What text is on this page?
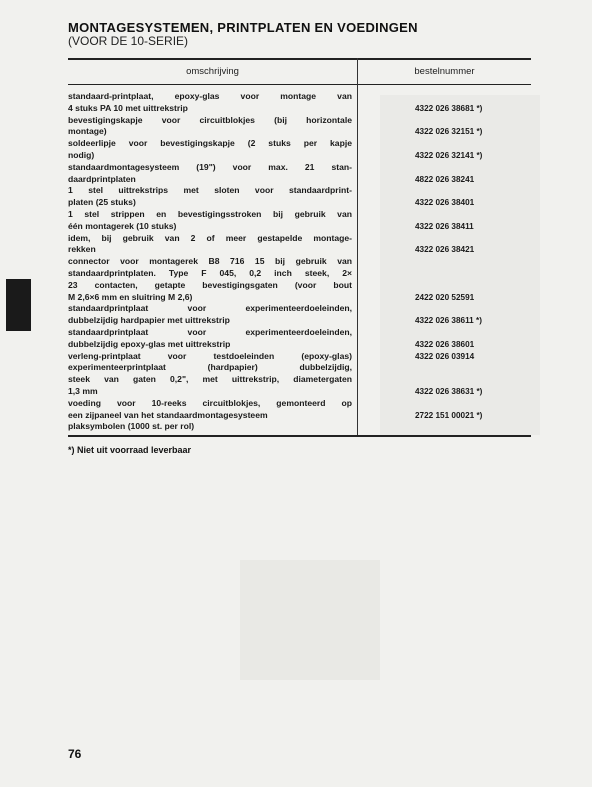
MONTAGESYSTEMEN, PRINTPLATEN EN VOEDINGEN
(VOOR DE 10-SERIE)
omschrijving	bestelnummer
standaard-printplaat, epoxy-glas voor montage van
4 stuks PA 10 met uittrekstrip
bevestigingskapje voor circuitblokjes (bij horizontale
montage)
soldeerlipje voor bevestigingskapje (2 stuks per kapje
nodig)
standaardmontagesysteem (19") voor max. 21 stan-
daardprintplaten
1 stel uittrekstrips met sloten voor standaardprint-
platen (25 stuks)
1 stel strippen en bevestigingsstroken bij gebruik van
één montagerek (10 stuks)
idem, bij gebruik van 2 of meer gestapelde montage-
rekken
connector voor montagerek B8 716 15 bij gebruik van
standaardprintplaten. Type F 045, 0,2 inch steek, 2×
23 contacten, getapte bevestigingsgaten (voor bout
M 2,6×6 mm en sluitring M 2,6)
standaardprintplaat voor experimenteerdoeleinden,
dubbelzijdig hardpapier met uittrekstrip
standaardprintplaat voor experimenteerdoeleinden,
dubbelzijdig epoxy-glas met uittrekstrip
verleng-printplaat voor testdoeleinden (epoxy-glas)
experimenteerprintplaat (hardpapier) dubbelzijdig,
steek van gaten 0,2", met uittrekstrip, diametergaten
1,3 mm
voeding voor 10-reeks circuitblokjes, gemonteerd op
een zijpaneel van het standaardmontagesysteem
plaksymbolen (1000 st. per rol)
4322 026 38681 *)
4322 026 32151 *)
4322 026 32141 *)
4822 026 38241
4322 026 38401
4322 026 38411
4322 026 38421
2422 020 52591
4322 026 38611 *)
4322 026 38601
4322 026 03914
4322 026 38631 *)
2722 151 00021 *)
*) Niet uit voorraad leverbaar
76
